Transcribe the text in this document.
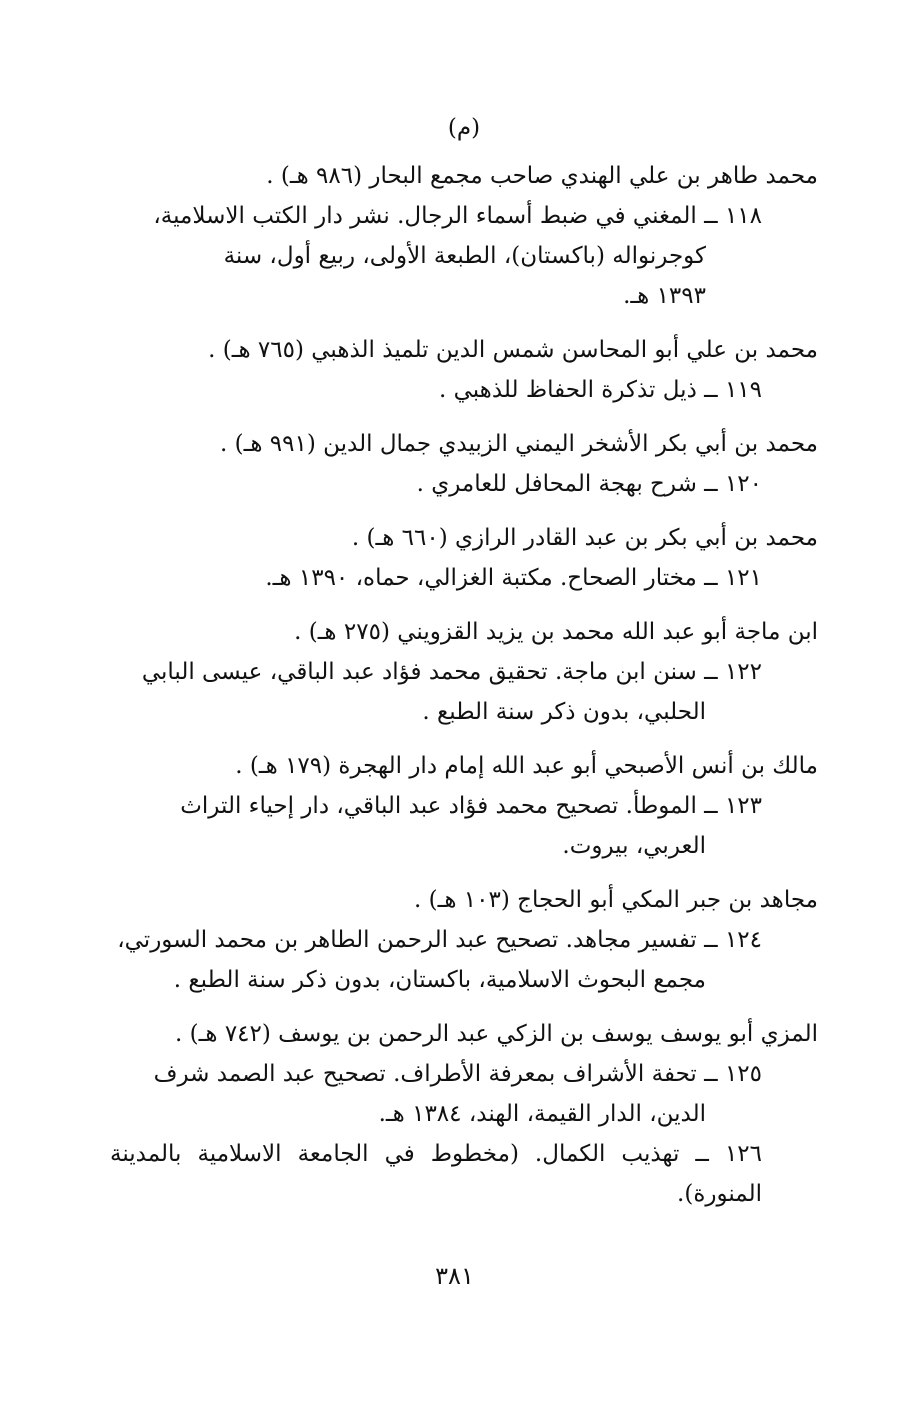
(م)
محمد طاهر بن علي الهندي صاحب مجمع البحار (٩٨٦ هـ) .
١١٨ ــ المغني في ضبط أسماء الرجال. نشر دار الكتب الاسلامية،
كوجرنواله (باكستان)، الطبعة الأولى، ربيع أول، سنة
١٣٩٣ هـ.
محمد بن علي أبو المحاسن شمس الدين تلميذ الذهبي (٧٦٥ هـ) .
١١٩ ــ ذيل تذكرة الحفاظ للذهبي .
محمد بن أبي بكر الأشخر اليمني الزبيدي جمال الدين (٩٩١ هـ) .
١٢٠ ــ شرح بهجة المحافل للعامري .
محمد بن أبي بكر بن عبد القادر الرازي (٦٦٠ هـ) .
١٢١ ــ مختار الصحاح. مكتبة الغزالي، حماه، ١٣٩٠ هـ.
ابن ماجة أبو عبد الله محمد بن يزيد القزويني (٢٧٥ هـ) .
١٢٢ ــ سنن ابن ماجة. تحقيق محمد فؤاد عبد الباقي، عيسى البابي
الحلبي، بدون ذكر سنة الطبع .
مالك بن أنس الأصبحي أبو عبد الله إمام دار الهجرة (١٧٩ هـ) .
١٢٣ ــ الموطأ. تصحيح محمد فؤاد عبد الباقي، دار إحياء التراث
العربي، بيروت.
مجاهد بن جبر المكي أبو الحجاج (١٠٣ هـ) .
١٢٤ ــ تفسير مجاهد. تصحيح عبد الرحمن الطاهر بن محمد السورتي،
مجمع البحوث الاسلامية، باكستان، بدون ذكر سنة الطبع .
المزي أبو يوسف يوسف بن الزكي عبد الرحمن بن يوسف (٧٤٢ هـ) .
١٢٥ ــ تحفة الأشراف بمعرفة الأطراف. تصحيح عبد الصمد شرف
الدين، الدار القيمة، الهند، ١٣٨٤ هـ.
١٢٦ ــ تهذيب الكمال. (مخطوط في الجامعة الاسلامية بالمدينة المنورة).
٣٨١
